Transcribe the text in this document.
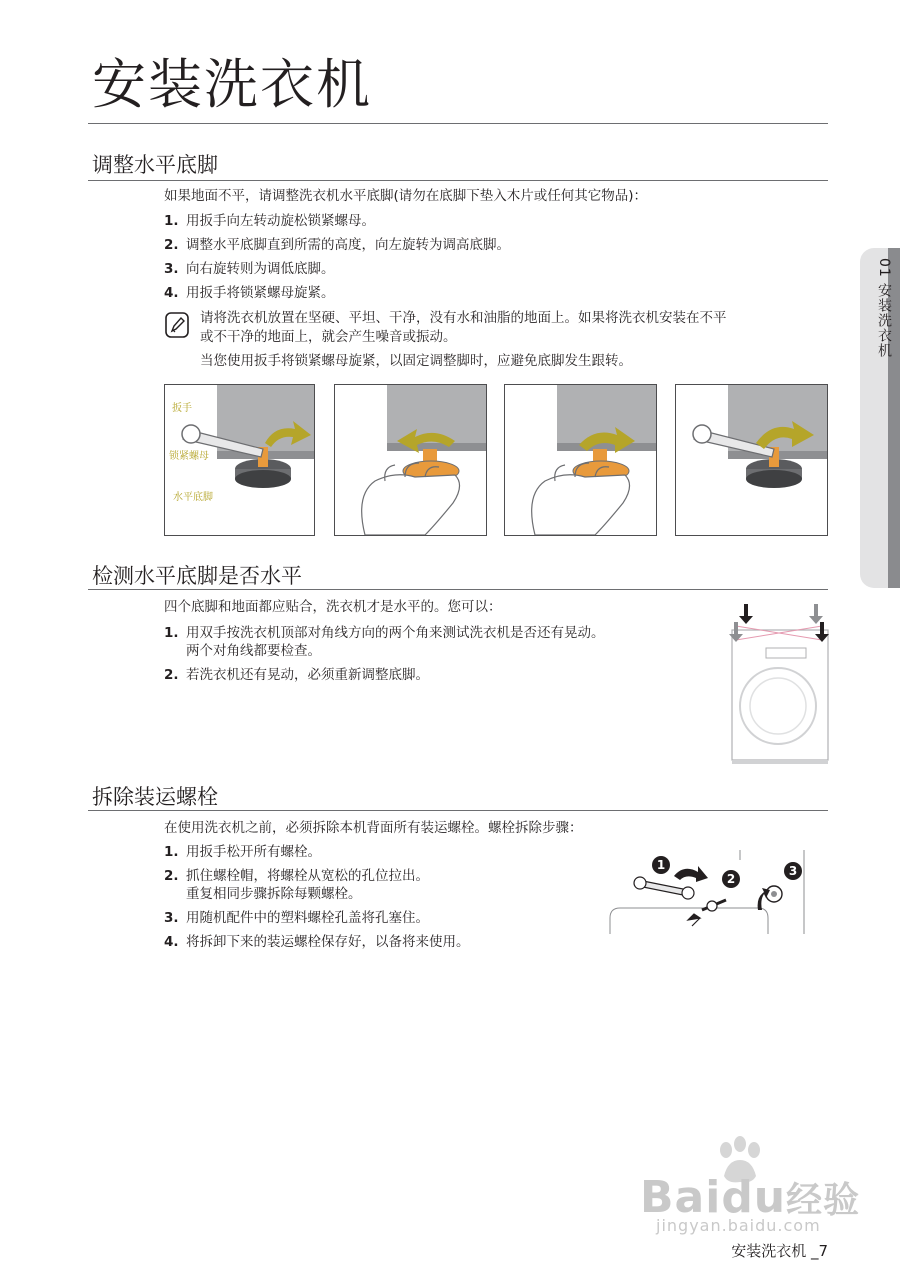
安装洗衣机
01 安装洗衣机
调整水平底脚
如果地面不平，请调整洗衣机水平底脚(请勿在底脚下垫入木片或任何其它物品)：
1. 用扳手向左转动旋松锁紧螺母。
2. 调整水平底脚直到所需的高度，向左旋转为调高底脚。
3. 向右旋转则为调低底脚。
4. 用扳手将锁紧螺母旋紧。
请将洗衣机放置在坚硬、平坦、干净，没有水和油脂的地面上。如果将洗衣机安装在不平
或不干净的地面上，就会产生噪音或振动。
当您使用扳手将锁紧螺母旋紧，以固定调整脚时，应避免底脚发生跟转。
扳手
锁紧螺母
水平底脚
检测水平底脚是否水平
四个底脚和地面都应贴合，洗衣机才是水平的。您可以：
1. 用双手按洗衣机顶部对角线方向的两个角来测试洗衣机是否还有晃动。
两个对角线都要检查。
2. 若洗衣机还有晃动，必须重新调整底脚。
拆除装运螺栓
在使用洗衣机之前，必须拆除本机背面所有装运螺栓。螺栓拆除步骤：
1. 用扳手松开所有螺栓。
2. 抓住螺栓帽，将螺栓从宽松的孔位拉出。
重复相同步骤拆除每颗螺栓。
3. 用随机配件中的塑料螺栓孔盖将孔塞住。
4. 将拆卸下来的装运螺栓保存好，以备将来使用。
1
2
3
Baidu经验
jingyan.baidu.com
安装洗衣机 _7
